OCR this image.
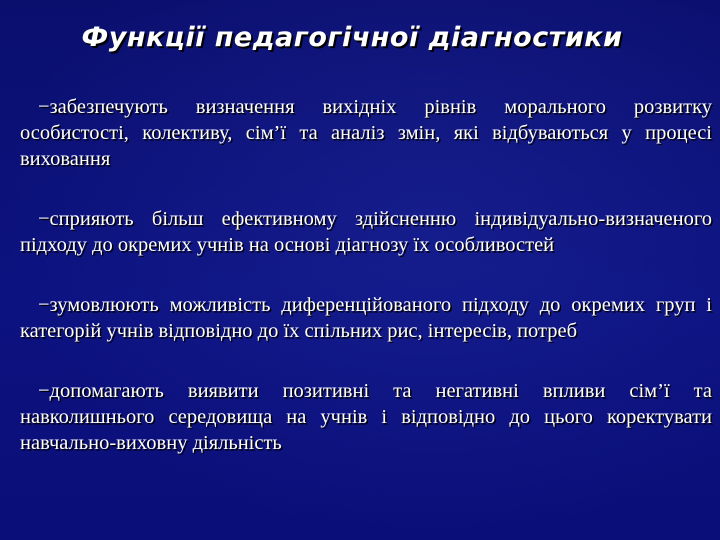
Функції педагогічної діагностики

−забезпечують визначення вихідніх рівнів морального розвитку особистості, колективу, сім’ї та аналіз змін, які відбуваються у процесі виховання

−сприяють більш ефективному здійсненню індивідуально-визначеного підходу до окремих учнів на основі діагнозу їх особливостей

−зумовлюють можливість диференційованого підходу до окремих груп і категорій учнів відповідно до їх спільних рис, інтересів, потреб

−допомагають виявити позитивні та негативні впливи сім’ї та навколишнього середовища на учнів і відповідно до цього коректувати навчально-виховну діяльність
